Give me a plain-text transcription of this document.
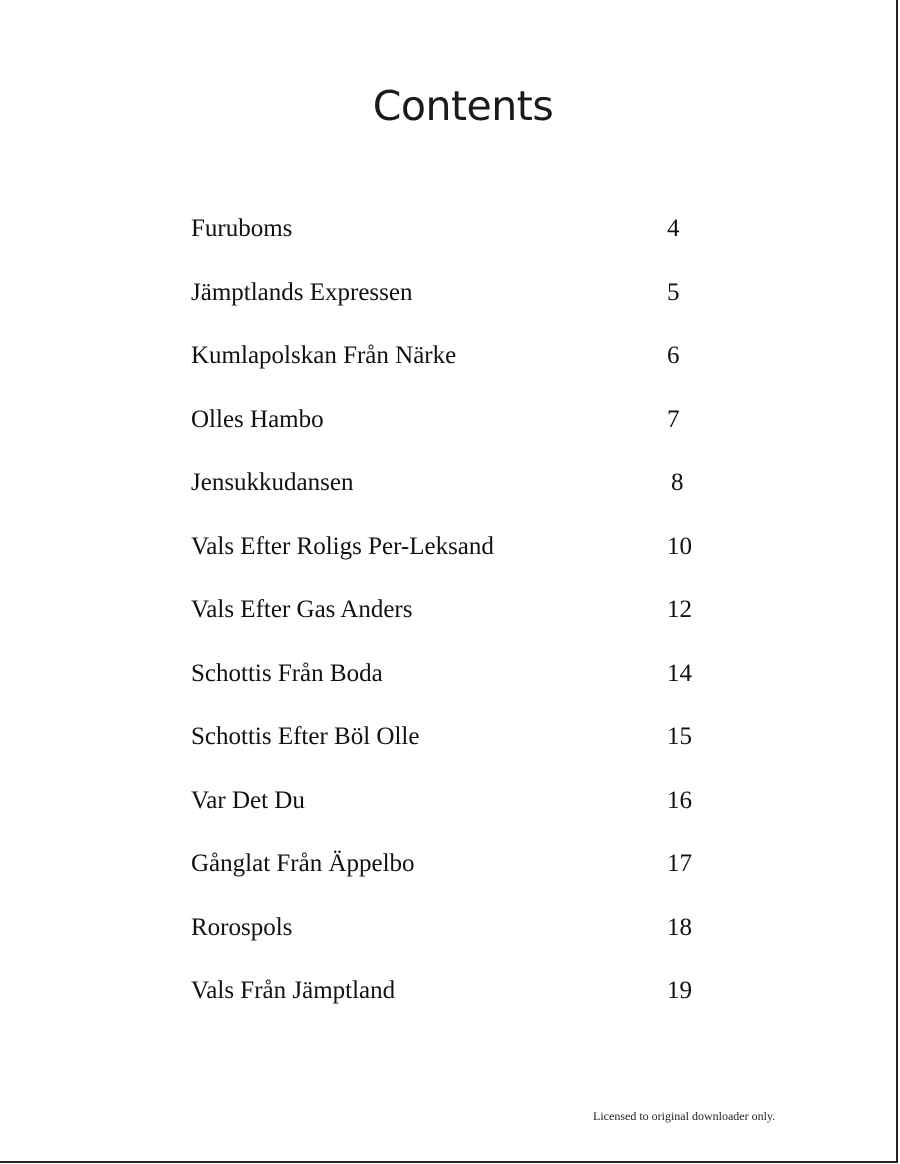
Contents
Furuboms	4
Jämptlands Expressen	5
Kumlapolskan Från Närke	6
Olles Hambo	7
Jensukkudansen	8
Vals Efter Roligs Per-Leksand	10
Vals Efter Gas Anders	12
Schottis Från Boda	14
Schottis Efter Böl Olle	15
Var Det Du	16
Gånglat Från Äppelbo	17
Rorospols	18
Vals Från Jämptland	19
Licensed to original downloader only.
